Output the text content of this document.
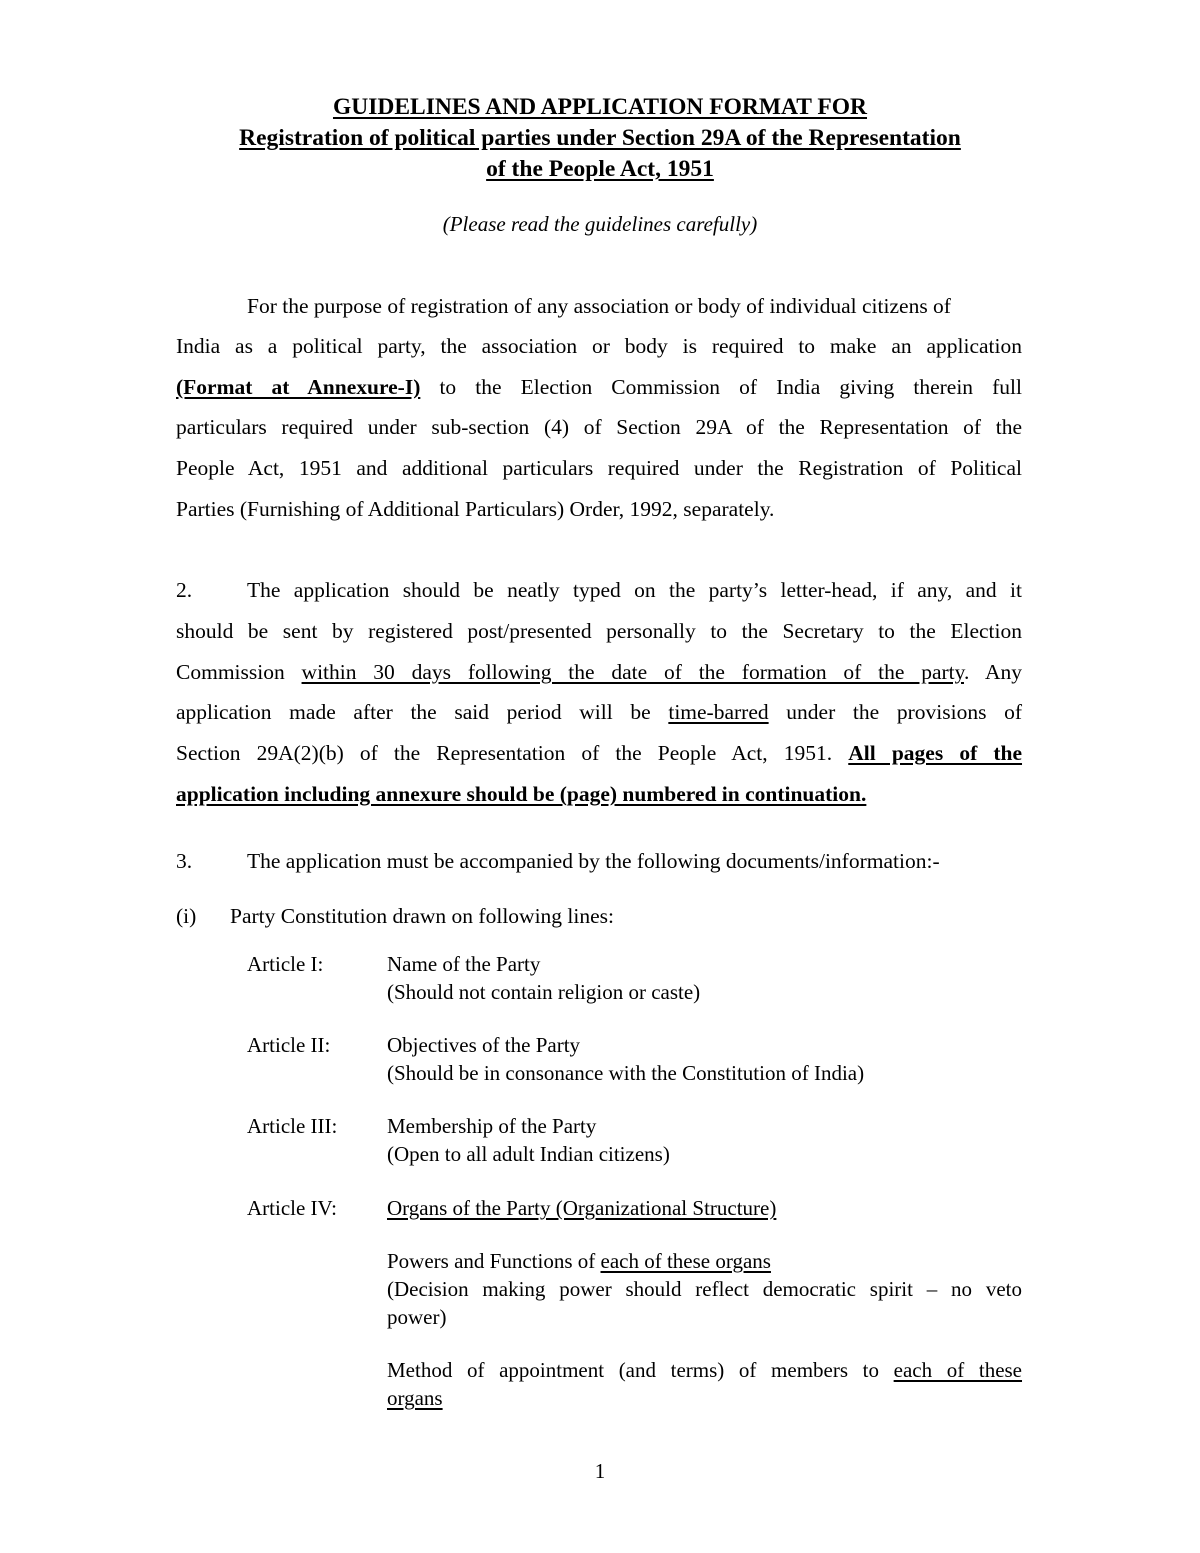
GUIDELINES AND APPLICATION FORMAT FOR
Registration of political parties under Section 29A of the Representation
of the People Act, 1951
(Please read the guidelines carefully)
For the purpose of registration of any association or body of individual citizens of
India as a political party, the association or body is required to make an application
(Format at Annexure-I) to the Election Commission of India giving therein full
particulars required under sub-section (4) of Section 29A of the Representation of the
People Act, 1951 and additional particulars required under the Registration of Political
Parties (Furnishing of Additional Particulars) Order, 1992, separately.
2.	The application should be neatly typed on the party’s letter-head, if any, and it
should be sent by registered post/presented personally to the Secretary to the Election
Commission within 30 days following the date of the formation of the party. Any
application made after the said period will be time-barred under the provisions of
Section 29A(2)(b) of the Representation of the People Act, 1951. All pages of the
application including annexure should be (page) numbered in continuation.
3.	The application must be accompanied by the following documents/information:-
(i)	Party Constitution drawn on following lines:
Article I:	Name of the Party
(Should not contain religion or caste)
Article II:	Objectives of the Party
(Should be in consonance with the Constitution of India)
Article III: Membership of the Party
(Open to all adult Indian citizens)
Article IV: Organs of the Party (Organizational Structure)
Powers and Functions of each of these organs
(Decision making power should reflect democratic spirit – no veto
power)
Method of appointment (and terms) of members to each of these
organs
1
